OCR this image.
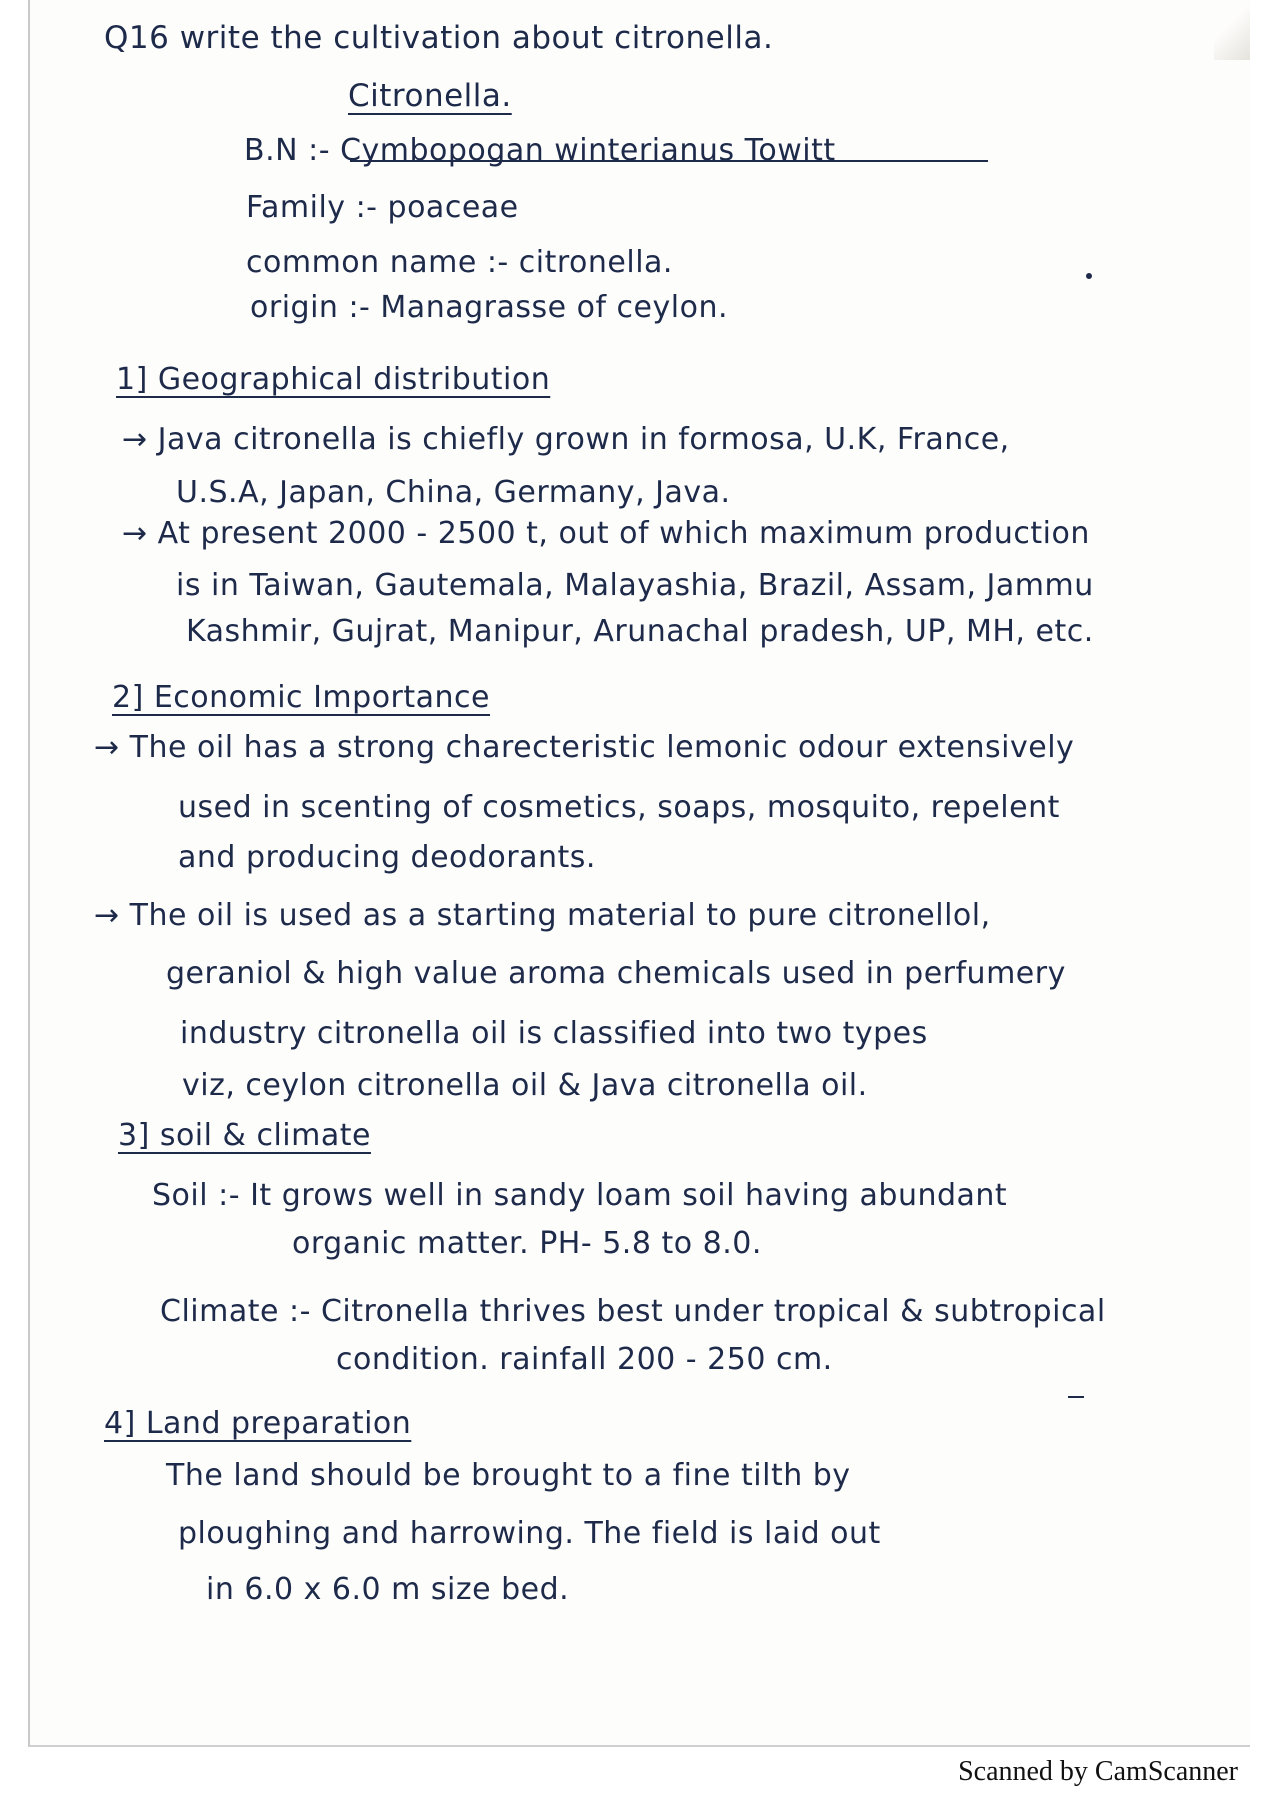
Q16 write the cultivation about citronella.
Citronella.
B.N :- Cymbopogan winterianus Towitt
Family :- poaceae
common name :- citronella.
origin :- Managrasse of ceylon.
1] Geographical distribution
→ Java citronella is chiefly grown in formosa, U.K, France,
U.S.A, Japan, China, Germany, Java.
→ At present 2000 - 2500 t, out of which maximum production
is in Taiwan, Gautemala, Malayashia, Brazil, Assam, Jammu
Kashmir, Gujrat, Manipur, Arunachal pradesh, UP, MH, etc.
2] Economic Importance
→ The oil has a strong charecteristic lemonic odour extensively
used in scenting of cosmetics, soaps, mosquito, repelent
and producing deodorants.
→ The oil is used as a starting material to pure citronellol,
geraniol & high value aroma chemicals used in perfumery
industry citronella oil is classified into two types
viz, ceylon citronella oil & Java citronella oil.
3] soil & climate
Soil :- It grows well in sandy loam soil having abundant
organic matter. PH- 5.8 to 8.0.
Climate :- Citronella thrives best under tropical & subtropical
condition. rainfall 200 - 250 cm.
4] Land preparation
The land should be brought to a fine tilth by
ploughing and harrowing. The field is laid out
in 6.0 x 6.0 m size bed.
Scanned by CamScanner
